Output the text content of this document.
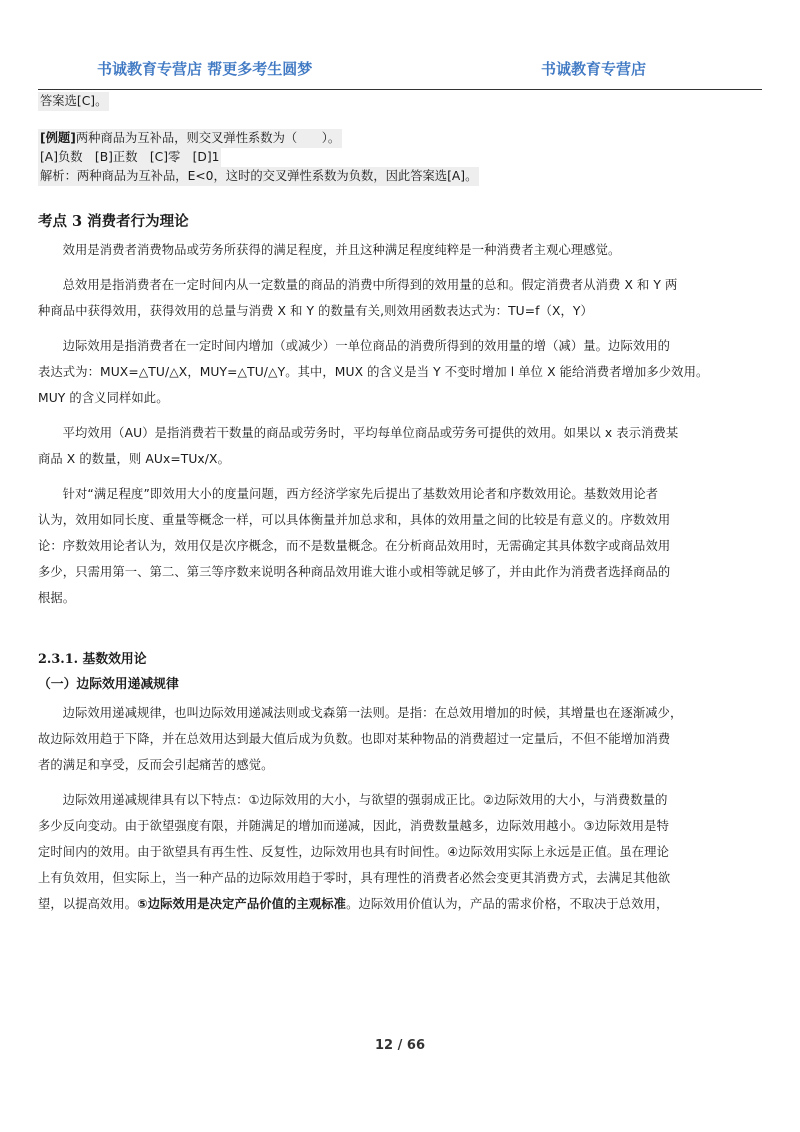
书诚教育专营店 帮更多考生圆梦	书诚教育专营店

答案选[C]。

[例题]两种商品为互补品，则交叉弹性系数为（　　）。

[A]负数　[B]正数　[C]零　[D]1

解析：两种商品为互补品，E<0，这时的交叉弹性系数为负数，因此答案选[A]。

考点 3 消费者行为理论

效用是消费者消费物品或劳务所获得的满足程度，并且这种满足程度纯粹是一种消费者主观心理感觉。

总效用是指消费者在一定时间内从一定数量的商品的消费中所得到的效用量的总和。假定消费者从消费 X 和 Y 两
种商品中获得效用，获得效用的总量与消费 X 和 Y 的数量有关,则效用函数表达式为：TU=f（X，Y）

边际效用是指消费者在一定时间内增加（或减少）一单位商品的消费所得到的效用量的增（减）量。边际效用的
表达式为：MUX=△TU/△X，MUY=△TU/△Y。其中，MUX 的含义是当 Y 不变时增加 l 单位 X 能给消费者增加多少效用。
MUY 的含义同样如此。

平均效用（AU）是指消费若干数量的商品或劳务时，平均每单位商品或劳务可提供的效用。如果以 x 表示消费某
商品 X 的数量，则 AUx=TUx/X。

针对“满足程度”即效用大小的度量问题，西方经济学家先后提出了基数效用论者和序数效用论。基数效用论者
认为，效用如同长度、重量等概念一样，可以具体衡量并加总求和，具体的效用量之间的比较是有意义的。序数效用
论：序数效用论者认为，效用仅是次序概念，而不是数量概念。在分析商品效用时，无需确定其具体数字或商品效用
多少，只需用第一、第二、第三等序数来说明各种商品效用谁大谁小或相等就足够了，并由此作为消费者选择商品的
根据。

2.3.1. 基数效用论

（一）边际效用递减规律

边际效用递减规律，也叫边际效用递减法则或戈森第一法则。是指：在总效用增加的时候，其增量也在逐渐减少，
故边际效用趋于下降，并在总效用达到最大值后成为负数。也即对某种物品的消费超过一定量后，不但不能增加消费
者的满足和享受，反而会引起痛苦的感觉。

边际效用递减规律具有以下特点：①边际效用的大小，与欲望的强弱成正比。②边际效用的大小，与消费数量的
多少反向变动。由于欲望强度有限，并随满足的增加而递减，因此，消费数量越多，边际效用越小。③边际效用是特
定时间内的效用。由于欲望具有再生性、反复性，边际效用也具有时间性。④边际效用实际上永远是正值。虽在理论
上有负效用，但实际上，当一种产品的边际效用趋于零时，具有理性的消费者必然会变更其消费方式，去满足其他欲
望，以提高效用。⑤边际效用是决定产品价值的主观标准。边际效用价值认为，产品的需求价格，不取决于总效用，

12 / 66
